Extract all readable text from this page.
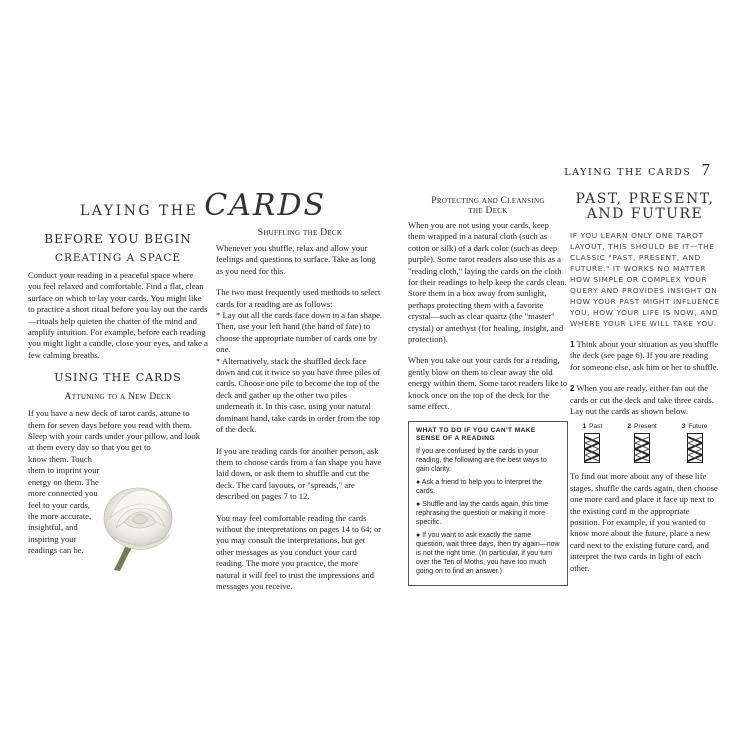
LAYING THE CARDS 7
LAYING THE CARDS
BEFORE YOU BEGIN
CREATING A SPACE

Conduct your reading in a peaceful space where you feel relaxed and comfortable. Find a flat, clean surface on which to lay your cards. You might like to practice a short ritual before you lay out the cards—rituals help quieten the chatter of the mind and amplify intuition. For example, before each reading you might light a candle, close your eyes, and take a few calming breaths.

USING THE CARDS
Attuning to a New Deck

If you have a new deck of tarot cards, attune to them for seven days before you read with them. Sleep with your cards under your pillow, and look at them every day so that you get to

know them. Touch them to imprint your energy on them. The more connected you feel to your cards, the more accurate, insightful, and inspiring your readings can be.

Shuffling the Deck

Whenever you shuffle, relax and allow your feelings and questions to surface. Take as long as you need for this.

The two most frequently used methods to select cards for a reading are as follows:

* Lay out all the cards face down in a fan shape. Then, use your left hand (the hand of fate) to choose the appropriate number of cards one by one.

* Alternatively, stack the shuffled deck face down and cut it twice so you have three piles of cards. Choose one pile to become the top of the deck and gather up the other two piles underneath it. In this case, using your natural dominant hand, take cards in order from the top of the deck.

If you are reading cards for another person, ask them to choose cards from a fan shape you have laid down, or ask them to shuffle and cut the deck. The card layouts, or "spreads," are described on pages 7 to 12.

You may feel comfortable reading the cards without the interpretations on pages 14 to 64; or you may consult the interpretations, but get other messages as you conduct your card reading. The more you practice, the more natural it will feel to trust the impressions and messages you receive.

Protecting and Cleansing
the Deck

When you are not using your cards, keep them wrapped in a natural cloth (such as cotton or silk) of a dark color (such as deep purple). Some tarot readers also use this as a "reading cloth," laying the cards on the cloth for their readings to help keep the cards clean. Store them in a box away from sunlight, perhaps protecting them with a favorite crystal—such as clear quartz (the "master" crystal) or amethyst (for healing, insight, and protection).

When you take out your cards for a reading, gently blow on them to clear away the old energy within them. Some tarot readers like to knock once on the top of the deck for the same effect.

WHAT TO DO IF YOU CAN'T MAKE SENSE OF A READING

If you are confused by the cards in your reading, the following are the best ways to gain clarity.

● Ask a friend to help you to interpret the cards.

● Shuffle and lay the cards again, this time rephrasing the question or making it more specific.

● If you want to ask exactly the same question, wait three days, then try again—now is not the right time. (In particular, if you turn over the Ten of Moths, you have too much going on to find an answer.)

PAST, PRESENT, AND FUTURE

IF YOU LEARN ONLY ONE TAROT LAYOUT, THIS SHOULD BE IT—THE CLASSIC "PAST, PRESENT, AND FUTURE." IT WORKS NO MATTER HOW SIMPLE OR COMPLEX YOUR QUERY AND PROVIDES INSIGHT ON HOW YOUR PAST MIGHT INFLUENCE YOU, HOW YOUR LIFE IS NOW, AND WHERE YOUR LIFE WILL TAKE YOU.

1 Think about your situation as you shuffle the deck (see page 6). If you are reading for someone else, ask him or her to shuffle.

2 When you are ready, either fan out the cards or cut the deck and take three cards. Lay out the cards as shown below.

1 Past	2 Present	3 Future

To find out more about any of these life stages, shuffle the cards again, then choose one more card and place it face up next to the existing card in the appropriate position. For example, if you wanted to know more about the future, place a new card next to the existing future card, and interpret the two cards in light of each other.
